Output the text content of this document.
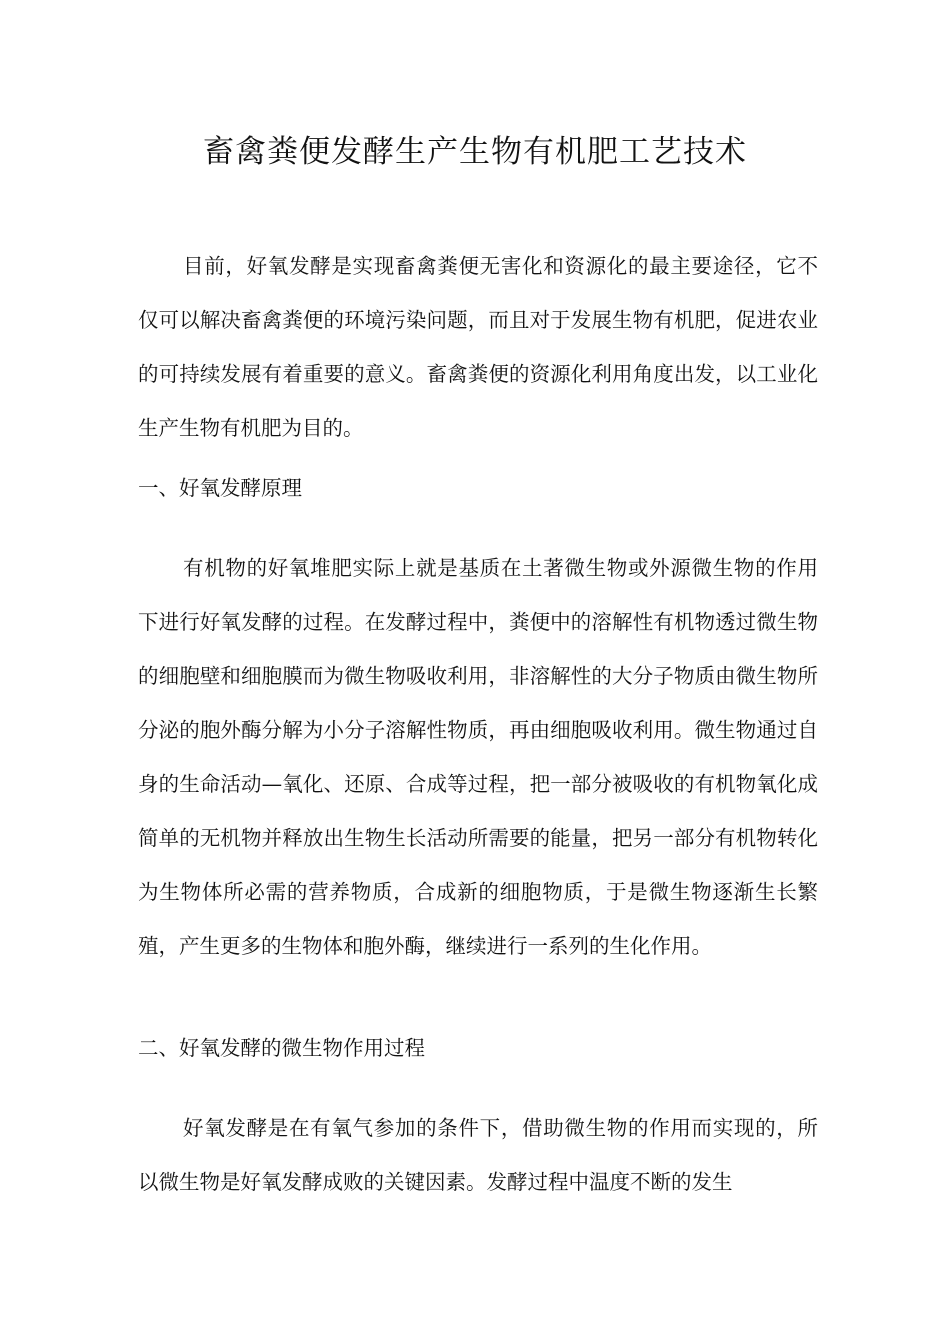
畜禽粪便发酵生产生物有机肥工艺技术

目前，好氧发酵是实现畜禽粪便无害化和资源化的最主要途径，它不仅可以解决畜禽粪便的环境污染问题，而且对于发展生物有机肥，促进农业的可持续发展有着重要的意义。畜禽粪便的资源化利用角度出发，以工业化生产生物有机肥为目的。

一、好氧发酵原理

有机物的好氧堆肥实际上就是基质在土著微生物或外源微生物的作用下进行好氧发酵的过程。在发酵过程中，粪便中的溶解性有机物透过微生物的细胞壁和细胞膜而为微生物吸收利用，非溶解性的大分子物质由微生物所分泌的胞外酶分解为小分子溶解性物质，再由细胞吸收利用。微生物通过自身的生命活动—氧化、还原、合成等过程，把一部分被吸收的有机物氧化成简单的无机物并释放出生物生长活动所需要的能量，把另一部分有机物转化为生物体所必需的营养物质，合成新的细胞物质，于是微生物逐渐生长繁殖，产生更多的生物体和胞外酶，继续进行一系列的生化作用。

二、好氧发酵的微生物作用过程

好氧发酵是在有氧气参加的条件下，借助微生物的作用而实现的，所以微生物是好氧发酵成败的关键因素。发酵过程中温度不断的发生
